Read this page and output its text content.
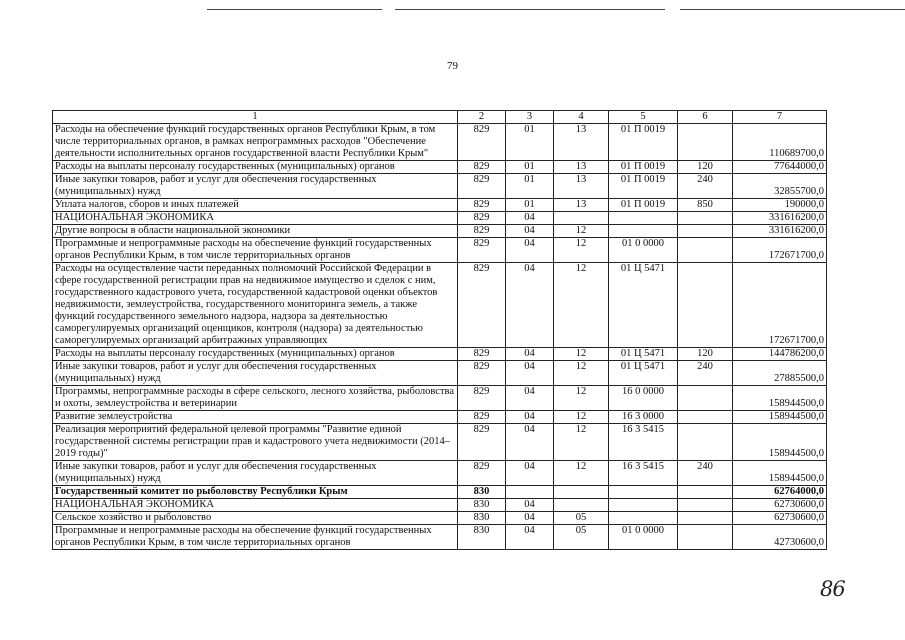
79
1	2	3	4	5	6	7
Расходы на обеспечение функций государственных органов Республики Крым, в том числе территориальных органов, в рамках непрограммных расходов "Обеспечение деятельности исполнительных органов государственной власти Республики Крым"	829	01	13	01 П 0019		110689700,0
Расходы на выплаты персоналу государственных (муниципальных) органов	829	01	13	01 П 0019	120	77644000,0
Иные закупки товаров, работ и услуг для обеспечения государственных (муниципальных) нужд	829	01	13	01 П 0019	240	32855700,0
Уплата налогов, сборов и иных платежей	829	01	13	01 П 0019	850	190000,0
НАЦИОНАЛЬНАЯ ЭКОНОМИКА	829	04				331616200,0
Другие вопросы в области национальной экономики	829	04	12			331616200,0
Программные и непрограммные расходы на обеспечение функций государственных органов Республики Крым, в том числе территориальных органов	829	04	12	01 0 0000		172671700,0
Расходы на осуществление части переданных полномочий Российской Федерации в сфере государственной регистрации прав на недвижимое имущество и сделок с ним, государственного кадастрового учета, государственной кадастровой оценки объектов недвижимости, землеустройства, государственного мониторинга земель, а также функций государственного земельного надзора, надзора за деятельностью саморегулируемых организаций оценщиков, контроля (надзора) за деятельностью саморегулируемых организаций арбитражных управляющих	829	04	12	01 Ц 5471		172671700,0
Расходы на выплаты персоналу государственных (муниципальных) органов	829	04	12	01 Ц 5471	120	144786200,0
Иные закупки товаров, работ и услуг для обеспечения государственных (муниципальных) нужд	829	04	12	01 Ц 5471	240	27885500,0
Программы, непрограммные расходы в сфере сельского, лесного хозяйства, рыболовства и охоты, землеустройства и ветеринарии	829	04	12	16 0 0000		158944500,0
Развитие землеустройства	829	04	12	16 3 0000		158944500,0
Реализация мероприятий федеральной целевой программы "Развитие единой государственной системы регистрации прав и кадастрового учета недвижимости (2014–2019 годы)"	829	04	12	16 3 5415		158944500,0
Иные закупки товаров, работ и услуг для обеспечения государственных (муниципальных) нужд	829	04	12	16 3 5415	240	158944500,0
Государственный комитет по рыболовству Республики Крым	830					62764000,0
НАЦИОНАЛЬНАЯ ЭКОНОМИКА	830	04				62730600,0
Сельское хозяйство и рыболовство	830	04	05			62730600,0
Программные и непрограммные расходы на обеспечение функций государственных органов Республики Крым, в том числе территориальных органов	830	04	05	01 0 0000		42730600,0
86
